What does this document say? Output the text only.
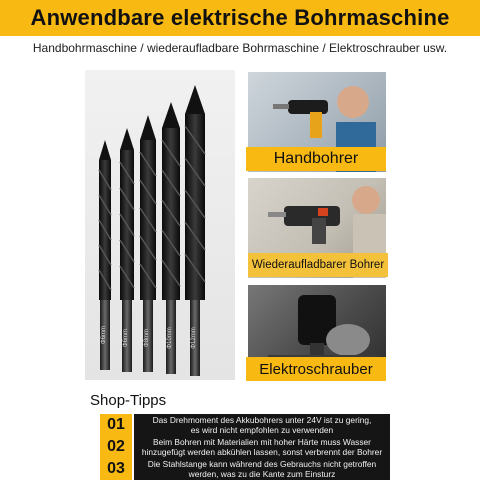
Anwendbare elektrische Bohrmaschine
Handbohrmaschine / wiederaufladbare Bohrmaschine / Elektroschrauber usw.
Φ6mm	Φ6mm	Φ8mm	Φ10mm	Φ12mm
Handbohrer
Wiederaufladbarer Bohrer
Elektroschrauber
Shop-Tipps
01	Das Drehmoment des Akkubohrers unter 24V ist zu gering,
es wird nicht empfohlen zu verwenden
02	Beim Bohren mit Materialien mit hoher Härte muss Wasser
hinzugefügt werden abkühlen lassen, sonst verbrennt der Bohrer
03	Die Stahlstange kann während des Gebrauchs nicht getroffen
werden, was zu die Kante zum Einsturz
